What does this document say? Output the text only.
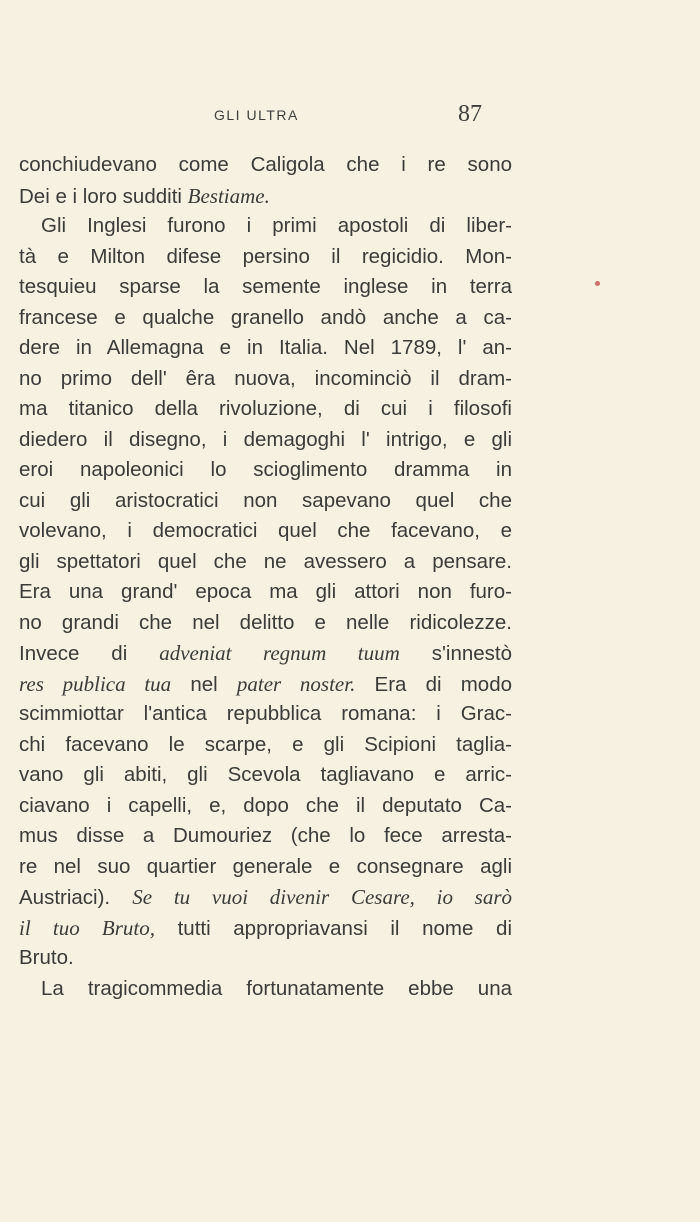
GLI ULTRA	87
conchiudevano come Caligola che i re sono
Dei e i loro sudditi Bestiame.
Gli Inglesi furono i primi apostoli di liber-
tà e Milton difese persino il regicidio. Mon-
tesquieu sparse la semente inglese in terra
francese e qualche granello andò anche a ca-
dere in Allemagna e in Italia. Nel 1789, l' an-
no primo dell' êra nuova, incominciò il dram-
ma titanico della rivoluzione, di cui i filosofi
diedero il disegno, i demagoghi l' intrigo, e gli
eroi napoleonici lo scioglimento dramma in
cui gli aristocratici non sapevano quel che
volevano, i democratici quel che facevano, e
gli spettatori quel che ne avessero a pensare.
Era una grand' epoca ma gli attori non furo-
no grandi che nel delitto e nelle ridicolezze.
Invece di adveniat regnum tuum s'innestò
res publica tua nel pater noster. Era di modo
scimmiottar l'antica repubblica romana: i Grac-
chi facevano le scarpe, e gli Scipioni taglia-
vano gli abiti, gli Scevola tagliavano e arric-
ciavano i capelli, e, dopo che il deputato Ca-
mus disse a Dumouriez (che lo fece arresta-
re nel suo quartier generale e consegnare agli
Austriaci). Se tu vuoi divenir Cesare, io sarò
il tuo Bruto, tutti appropriavansi il nome di
Bruto.
La tragicommedia fortunatamente ebbe una
